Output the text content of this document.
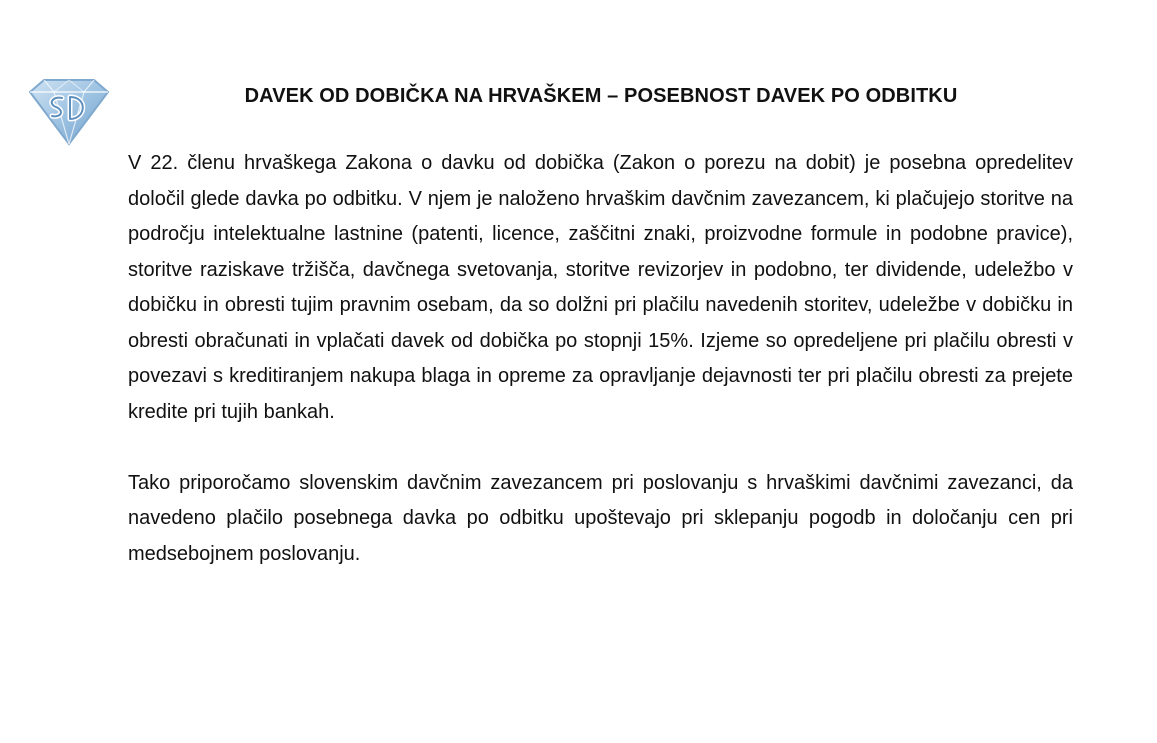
DAVEK OD DOBIČKA NA HRVAŠKEM – POSEBNOST DAVEK PO ODBITKU

V 22. členu hrvaškega Zakona o davku od dobička (Zakon o porezu na dobit) je posebna opredelitev določil glede davka po odbitku. V njem je naloženo hrvaškim davčnim zavezancem, ki plačujejo storitve na področju intelektualne lastnine (patenti, licence, zaščitni znaki, proizvodne formule in podobne pravice), storitve raziskave tržišča, davčnega svetovanja, storitve revizorjev in podobno, ter dividende, udeležbo v dobičku in obresti tujim pravnim osebam, da so dolžni pri plačilu navedenih storitev, udeležbe v dobičku in obresti obračunati in vplačati davek od dobička po stopnji 15%. Izjeme so opredeljene pri plačilu obresti v povezavi s kreditiranjem nakupa blaga in opreme za opravljanje dejavnosti ter pri plačilu obresti za prejete kredite pri tujih bankah.

Tako priporočamo slovenskim davčnim zavezancem pri poslovanju s hrvaškimi davčnimi zavezanci, da navedeno plačilo posebnega davka po odbitku upoštevajo pri sklepanju pogodb in določanju cen pri medsebojnem poslovanju.
